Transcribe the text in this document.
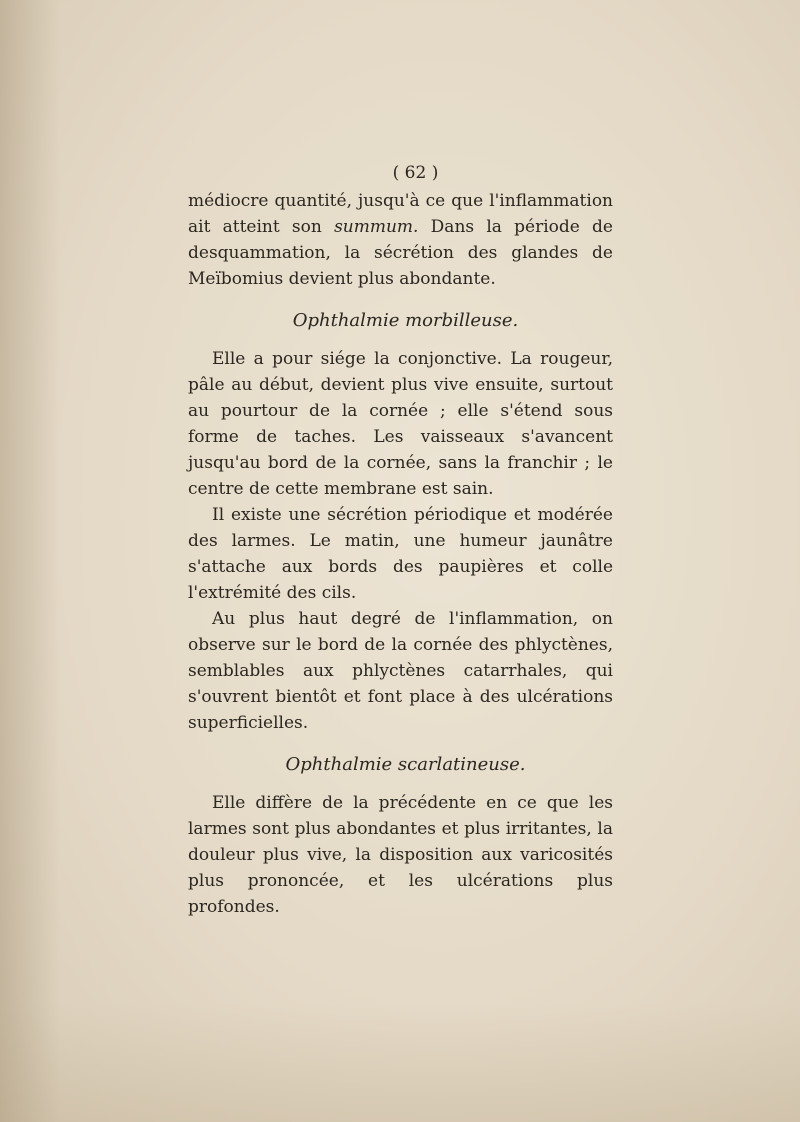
( 62 )

médiocre quantité, jusqu'à ce que l'inflammation ait atteint son summum. Dans la période de desquammation, la sécrétion des glandes de Meïbomius devient plus abondante.

Ophthalmie morbilleuse.

Elle a pour siége la conjonctive. La rougeur, pâle au début, devient plus vive ensuite, surtout au pourtour de la cornée ; elle s'étend sous forme de taches. Les vaisseaux s'avancent jusqu'au bord de la cornée, sans la franchir ; le centre de cette membrane est sain.

Il existe une sécrétion périodique et modérée des larmes. Le matin, une humeur jaunâtre s'attache aux bords des paupières et colle l'extrémité des cils.

Au plus haut degré de l'inflammation, on observe sur le bord de la cornée des phlyctènes, semblables aux phlyctènes catarrhales, qui s'ouvrent bientôt et font place à des ulcérations superficielles.

Ophthalmie scarlatineuse.

Elle diffère de la précédente en ce que les larmes sont plus abondantes et plus irritantes, la douleur plus vive, la disposition aux varicosités plus prononcée, et les ulcérations plus profondes.
